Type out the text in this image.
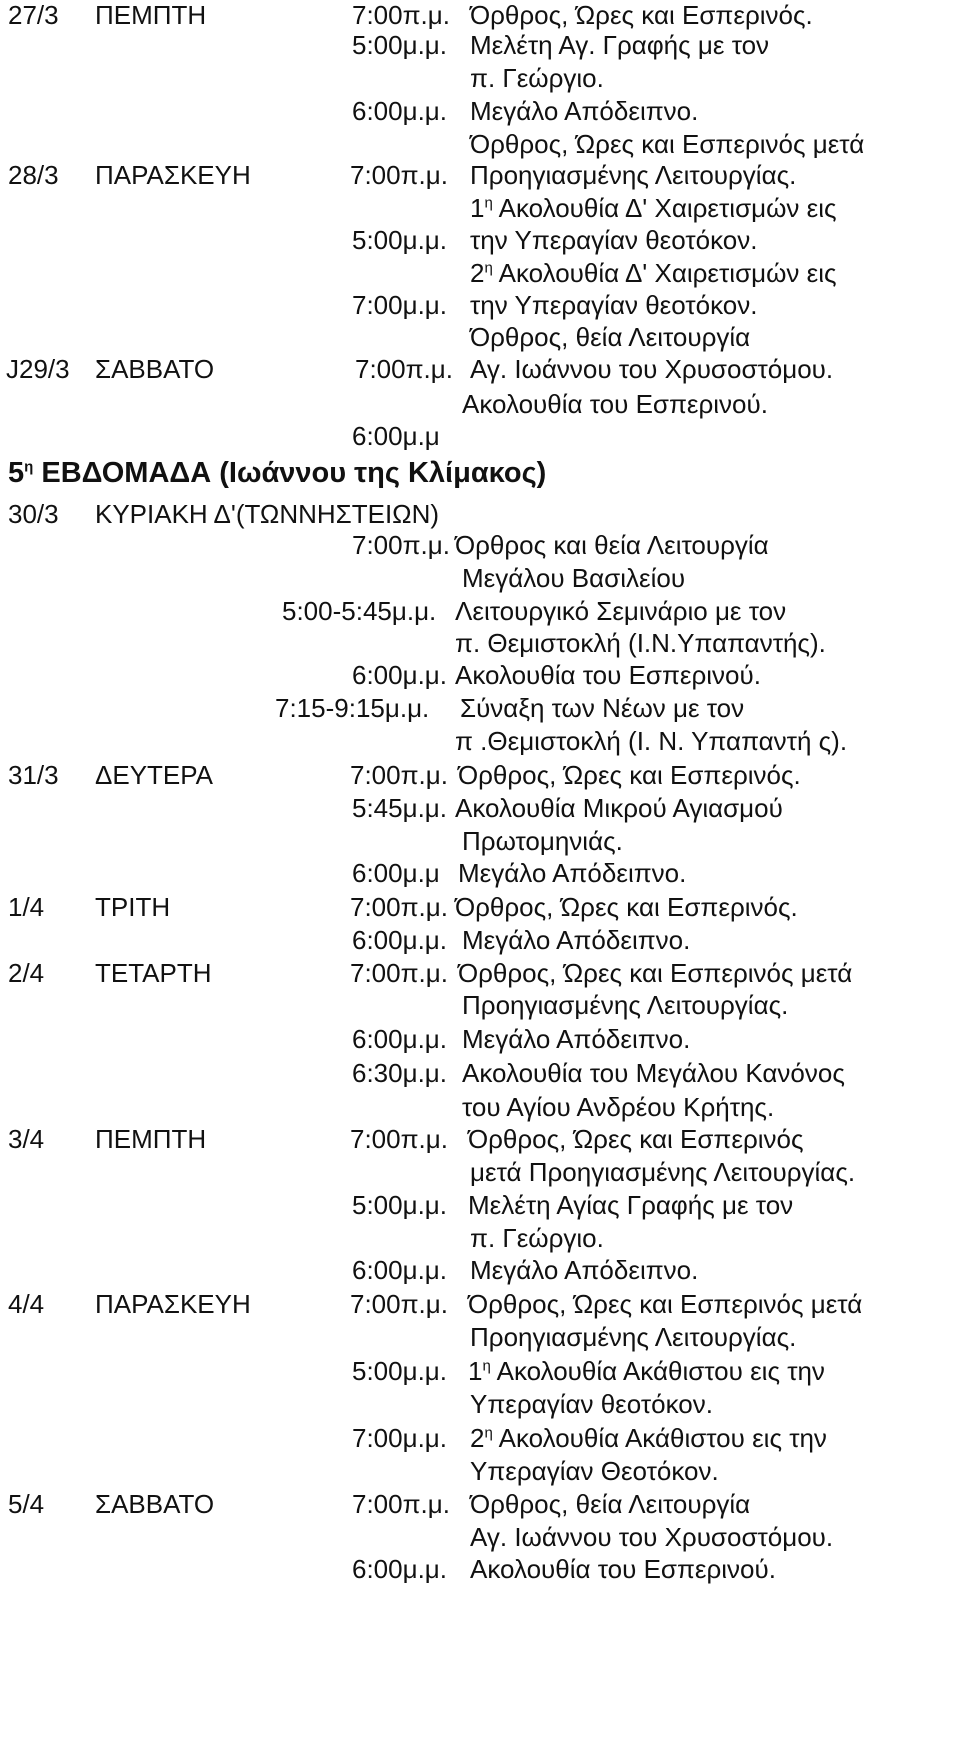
27/3 ΠΕΜΠΤΗ	7:00π.μ. Όρθρος, Ώρες και Εσπερινός.
5:00μ.μ. Μελέτη Αγ. Γραφής με τον
π. Γεώργιο.
6:00μ.μ. Μεγάλο Απόδειπνο.
Όρθρος, Ώρες και Εσπερινός μετά
28/3 ΠΑΡΑΣΚΕΥΗ	7:00π.μ. Προηγιασμένης Λειτουργίας.
$1^\eta$ Ακολουθία Δ' Χαιρετισμών εις
5:00μ.μ. την Υπεραγίαν θεοτόκον.
$2^\eta$ Ακολουθία Δ' Χαιρετισμών εις
7:00μ.μ. την Υπεραγίαν θεοτόκον.
Όρθρος, θεία Λειτουργία
J29/3 ΣΑΒΒΑΤΟ	7:00π.μ. Αγ. Ιωάννου του Χρυσοστόμου.
Ακολουθία του Εσπερινού.
6:00μ.μ
$5^\eta$ ΕΒΔΟΜΑΔΑ (Ιωάννου της Κλίμακος)
30/3 ΚΥΡΙΑΚΗ Δ'(ΤΩΝΝΗΣΤΕΙΩΝ)
7:00π.μ. Όρθρος και θεία Λειτουργία
Μεγάλου Βασιλείου
5:00-5:45μ.μ. Λειτουργικό Σεμινάριο με τον
π. Θεμιστοκλή (Ι.Ν.Υπαπαντής).
6:00μ.μ. Ακολουθία του Εσπερινού.
7:15-9:15μ.μ. Σύναξη των Νέων με τον
π .Θεμιστοκλή (Ι. Ν. Υπαπαντή ς).
31/3 ΔΕΥΤΕΡΑ	7:00π.μ. Όρθρος, Ώρες και Εσπερινός.
5:45μ.μ. Ακολουθία Μικρού Αγιασμού
Πρωτομηνιάς.
6:00μ.μ Μεγάλο Απόδειπνο.
1/4 ΤΡΙΤΗ	7:00π.μ. Όρθρος, Ώρες και Εσπερινός.
6:00μ.μ. Μεγάλο Απόδειπνο.
2/4 ΤΕΤΑΡΤΗ	7:00π.μ. Όρθρος, Ώρες και Εσπερινός μετά
Προηγιασμένης Λειτουργίας.
6:00μ.μ. Μεγάλο Απόδειπνο.
6:30μ.μ. Ακολουθία του Μεγάλου Κανόνος
του Αγίου Ανδρέου Κρήτης.
3/4 ΠΕΜΠΤΗ	7:00π.μ. Όρθρος, Ώρες και Εσπερινός
μετά Προηγιασμένης Λειτουργίας.
5:00μ.μ. Μελέτη Αγίας Γραφής με τον
π. Γεώργιο.
6:00μ.μ. Μεγάλο Απόδειπνο.
4/4 ΠΑΡΑΣΚΕΥΗ	7:00π.μ. Όρθρος, Ώρες και Εσπερινός μετά
Προηγιασμένης Λειτουργίας.
5:00μ.μ. $1^\eta$ Ακολουθία Ακάθιστου εις την
Υπεραγίαν θεοτόκον.
7:00μ.μ. $2^\eta$ Ακολουθία Ακάθιστου εις την
Υπεραγίαν Θεοτόκον.
5/4 ΣΑΒΒΑΤΟ	7:00π.μ. Όρθρος, θεία Λειτουργία
Αγ. Ιωάννου του Χρυσοστόμου.
6:00μ.μ. Ακολουθία του Εσπερινού.
